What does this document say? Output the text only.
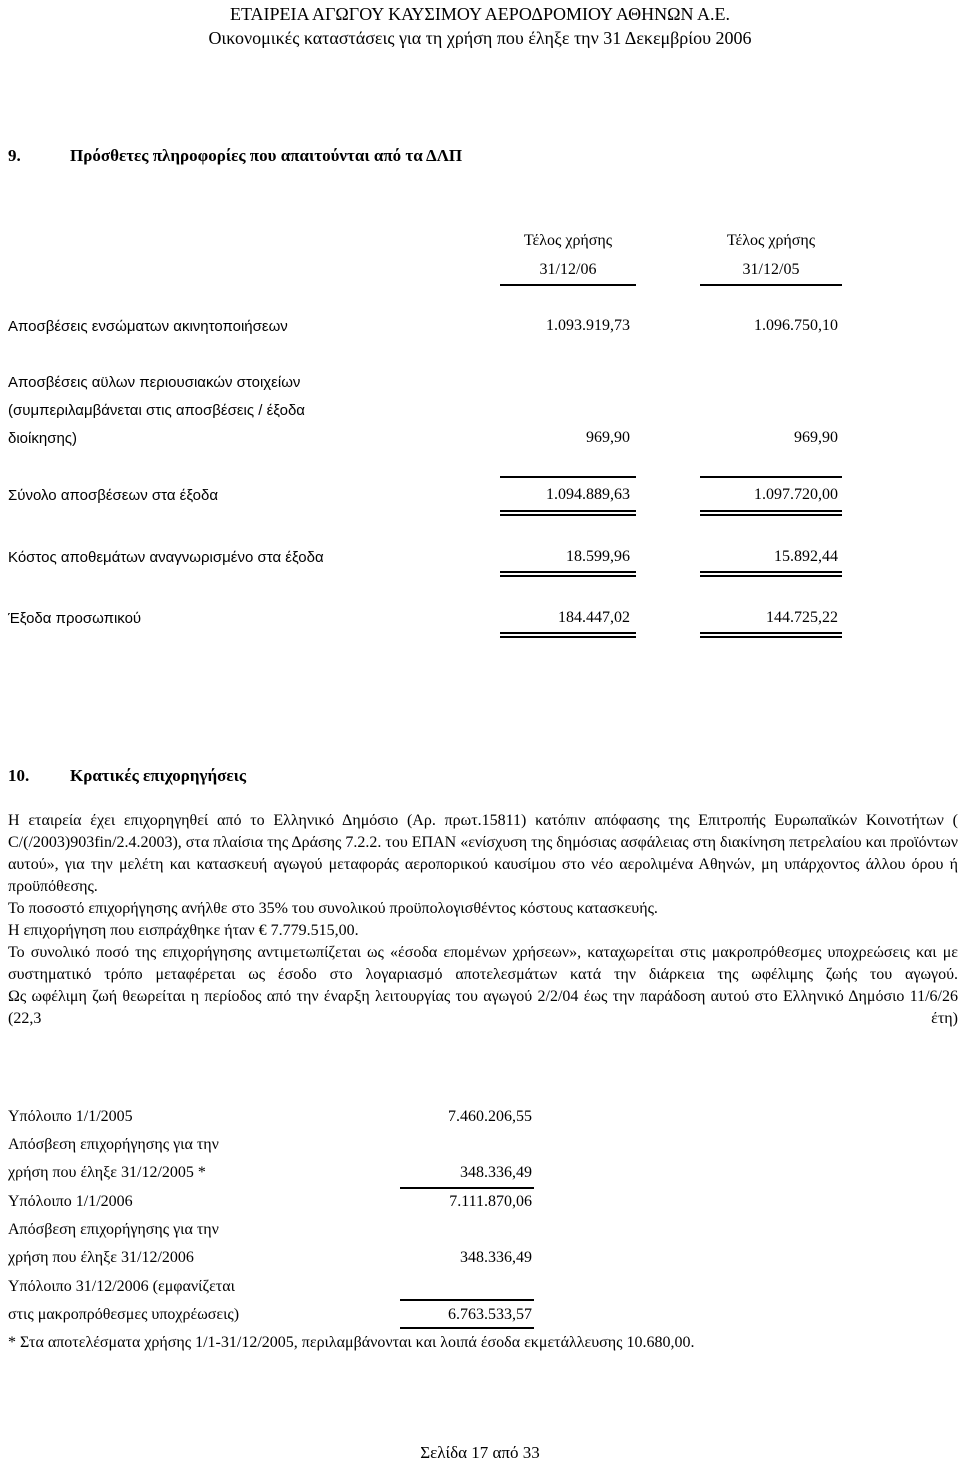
ΕΤΑΙΡΕΙΑ ΑΓΩΓΟΥ ΚΑΥΣΙΜΟΥ ΑΕΡΟΔΡΟΜΙΟΥ ΑΘΗΝΩΝ Α.Ε.
Οικονομικές καταστάσεις για τη χρήση που έληξε την 31 Δεκεμβρίου 2006
9.	Πρόσθετες πληροφορίες που απαιτούνται από τα ΔΛΠ
Τέλος χρήσης	Τέλος χρήσης
31/12/06	31/12/05
Αποσβέσεις ενσώματων ακινητοποιήσεων	1.093.919,73	1.096.750,10
Αποσβέσεις αϋλων περιουσιακών στοιχείων
(συμπεριλαμβάνεται στις αποσβέσεις / έξοδα
διοίκησης)	969,90	969,90
Σύνολο αποσβέσεων στα έξοδα	1.094.889,63	1.097.720,00
Κόστος αποθεμάτων αναγνωρισμένο στα έξοδα	18.599,96	15.892,44
Έξοδα προσωπικού	184.447,02	144.725,22
10. Κρατικές επιχορηγήσεις

Η εταιρεία έχει επιχορηγηθεί από το Ελληνικό Δημόσιο (Αρ. πρωτ.15811) κατόπιν απόφασης της Επιτροπής Ευρωπαϊκών Κοινοτήτων ( C/(/2003)903fin/2.4.2003), στα πλαίσια της Δράσης 7.2.2. του ΕΠΑΝ «ενίσχυση της δημόσιας ασφάλειας στη διακίνηση πετρελαίου και προϊόντων αυτού», για την μελέτη και κατασκευή αγωγού μεταφοράς αεροπορικού καυσίμου στο νέο αερολιμένα Αθηνών, μη υπάρχοντος άλλου όρου ή προϋπόθεσης.

Το ποσοστό επιχορήγησης ανήλθε στο 35% του συνολικού προϋπολογισθέντος κόστους κατασκευής.

Η επιχορήγηση που εισπράχθηκε ήταν € 7.779.515,00.

Το συνολικό ποσό της επιχορήγησης αντιμετωπίζεται ως «έσοδα επομένων χρήσεων», καταχωρείται στις μακροπρόθεσμες υποχρεώσεις και με συστηματικό τρόπο μεταφέρεται ως έσοδο στο λογαριασμό αποτελεσμάτων κατά την διάρκεια της ωφέλιμης ζωής του αγωγού.

Ως ωφέλιμη ζωή θεωρείται η περίοδος από την έναρξη λειτουργίας του αγωγού 2/2/04 έως την παράδοση αυτού στο Ελληνικό Δημόσιο 11/6/26 (22,3 έτη)

Υπόλοιπο 1/1/2005	7.460.206,55
Απόσβεση επιχορήγησης για την
χρήση που έληξε 31/12/2005 *	348.336,49
Υπόλοιπο 1/1/2006	7.111.870,06
Απόσβεση επιχορήγησης για την
χρήση που έληξε 31/12/2006	348.336,49
Υπόλοιπο 31/12/2006 (εμφανίζεται
στις μακροπρόθεσμες υποχρέωσεις)	6.763.533,57
* Στα αποτελέσματα χρήσης 1/1-31/12/2005, περιλαμβάνονται και λοιπά έσοδα εκμετάλλευσης 10.680,00.
Σελίδα 17 από 33
